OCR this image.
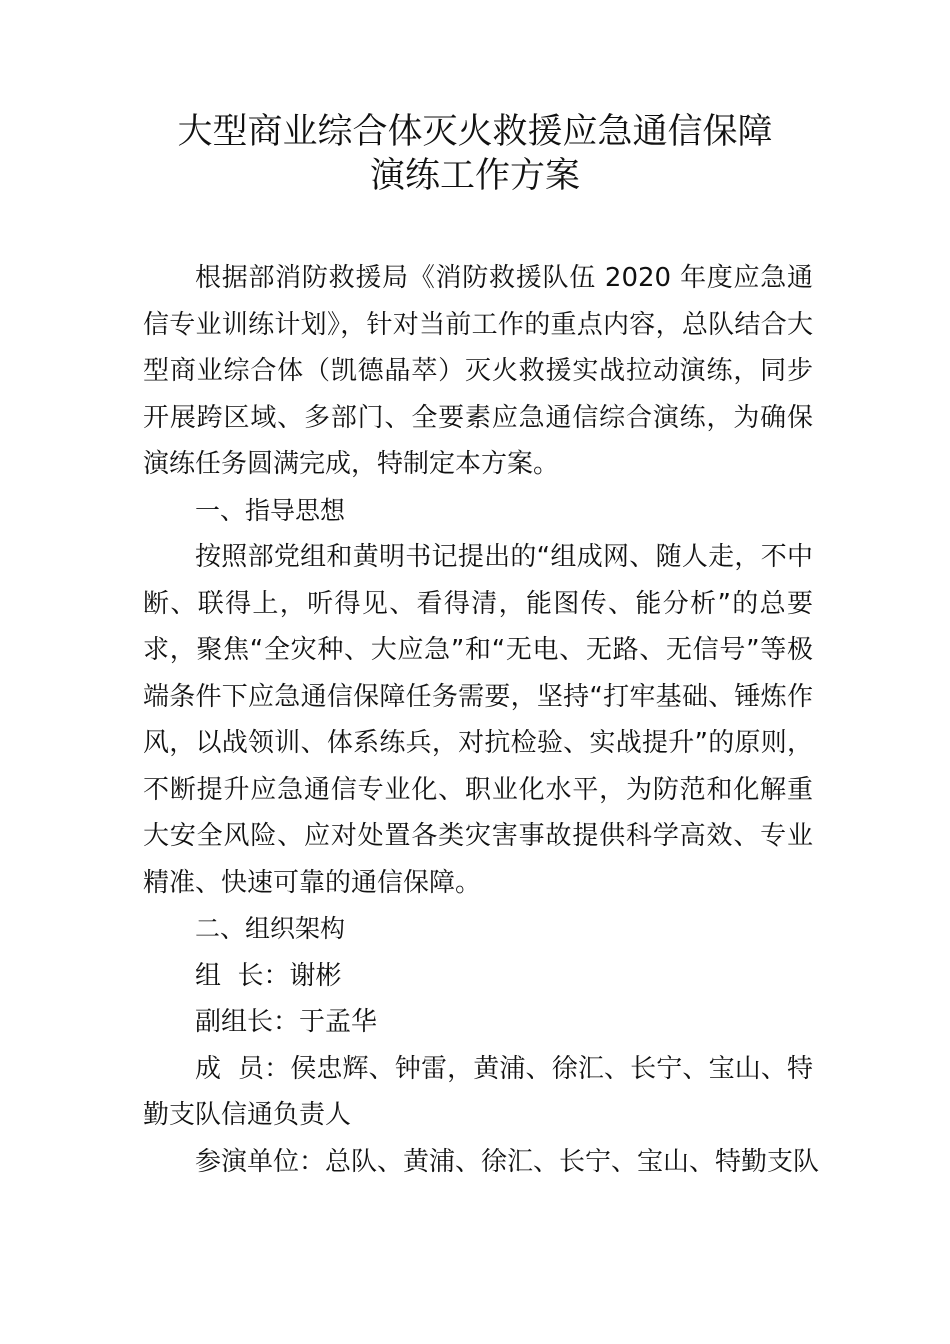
大型商业综合体灭火救援应急通信保障
演练工作方案

根据部消防救援局《消防救援队伍 2020 年度应急通信专业训练计划》，针对当前工作的重点内容，总队结合大型商业综合体（凯德晶萃）灭火救援实战拉动演练，同步开展跨区域、多部门、全要素应急通信综合演练，为确保演练任务圆满完成，特制定本方案。

一、指导思想

按照部党组和黄明书记提出的“组成网、随人走，不中断、联得上，听得见、看得清，能图传、能分析”的总要求，聚焦“全灾种、大应急”和“无电、无路、无信号”等极端条件下应急通信保障任务需要，坚持“打牢基础、锤炼作风，以战领训、体系练兵，对抗检验、实战提升”的原则，不断提升应急通信专业化、职业化水平，为防范和化解重大安全风险、应对处置各类灾害事故提供科学高效、专业精准、快速可靠的通信保障。

二、组织架构

组  长：谢彬

副组长：于孟华

成  员：侯忠辉、钟雷，黄浦、徐汇、长宁、宝山、特勤支队信通负责人

参演单位：总队、黄浦、徐汇、长宁、宝山、特勤支队
